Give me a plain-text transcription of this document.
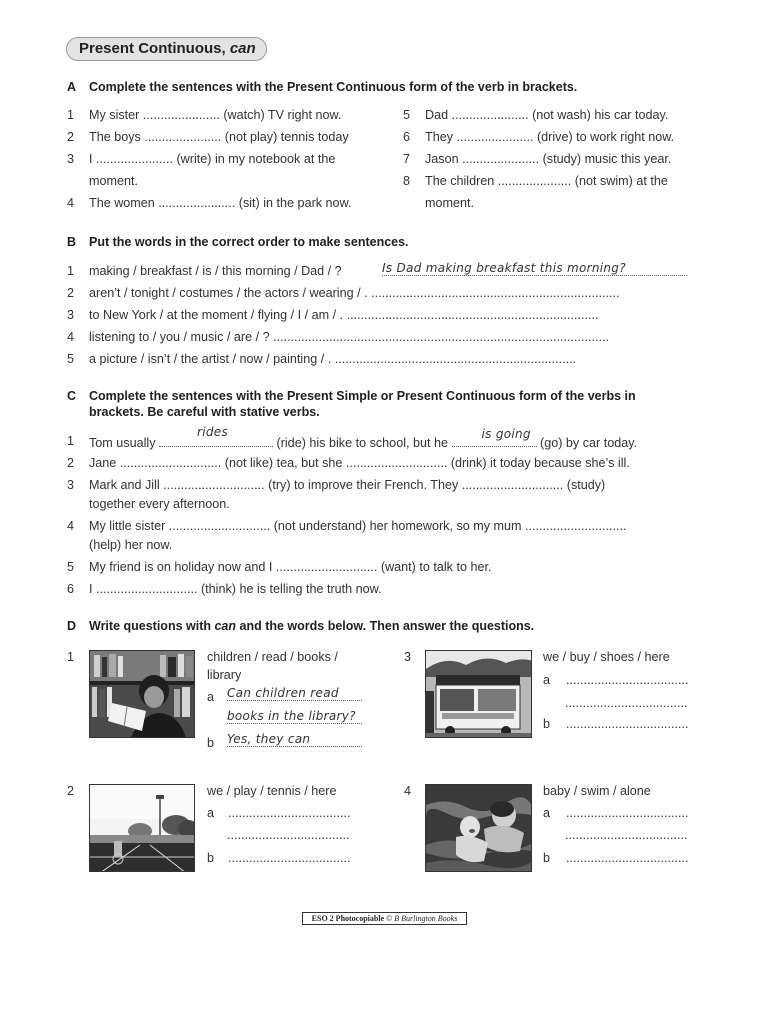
Present Continuous, can
A Complete the sentences with the Present Continuous form of the verb in brackets.
1 My sister ...................... (watch) TV right now.
2 The boys ...................... (not play) tennis today
3 I ...................... (write) in my notebook at the
moment.
4 The women ...................... (sit) in the park now.
5 Dad ...................... (not wash) his car today.
6 They ...................... (drive) to work right now.
7 Jason ...................... (study) music this year.
8 The children ..................... (not swim) at the
moment.
B Put the words in the correct order to make sentences.
1 making / breakfast / is / this morning / Dad / ?	Is Dad making breakfast this morning?
2 aren’t / tonight / costumes / the actors / wearing / . .......................................................................
3 to New York / at the moment / flying / I / am / . ........................................................................
4 listening to / you / music / are / ? ................................................................................................
5 a picture / isn’t / the artist / now / painting / . .....................................................................
C Complete the sentences with the Present Simple or Present Continuous form of the verbs in
brackets. Be careful with stative verbs.
1 Tom usually
rides
(ride) his bike to school, but he
is going
(go) by car today.
2 Jane ............................. (not like) tea, but she ............................. (drink) it today because she’s ill.
3 Mark and Jill ............................. (try) to improve their French. They ............................. (study)
together every afternoon.
4 My little sister ............................. (not understand) her homework, so my mum .............................
(help) her now.
5 My friend is on holiday now and I ............................. (want) to talk to her.
6 I ............................. (think) he is telling the truth now.
D Write questions with can and the words below. Then answer the questions.
1	children / read / books /
library
a Can children read
books in the library?
b Yes, they can
3	we / buy / shoes / here
a ...................................
...................................
b ...................................
2	we / play / tennis / here
a ...................................
...................................
b ...................................
4	baby / swim / alone
a ...................................
...................................
b ...................................
ESO 2 Photocopiable © B Burlington Books
